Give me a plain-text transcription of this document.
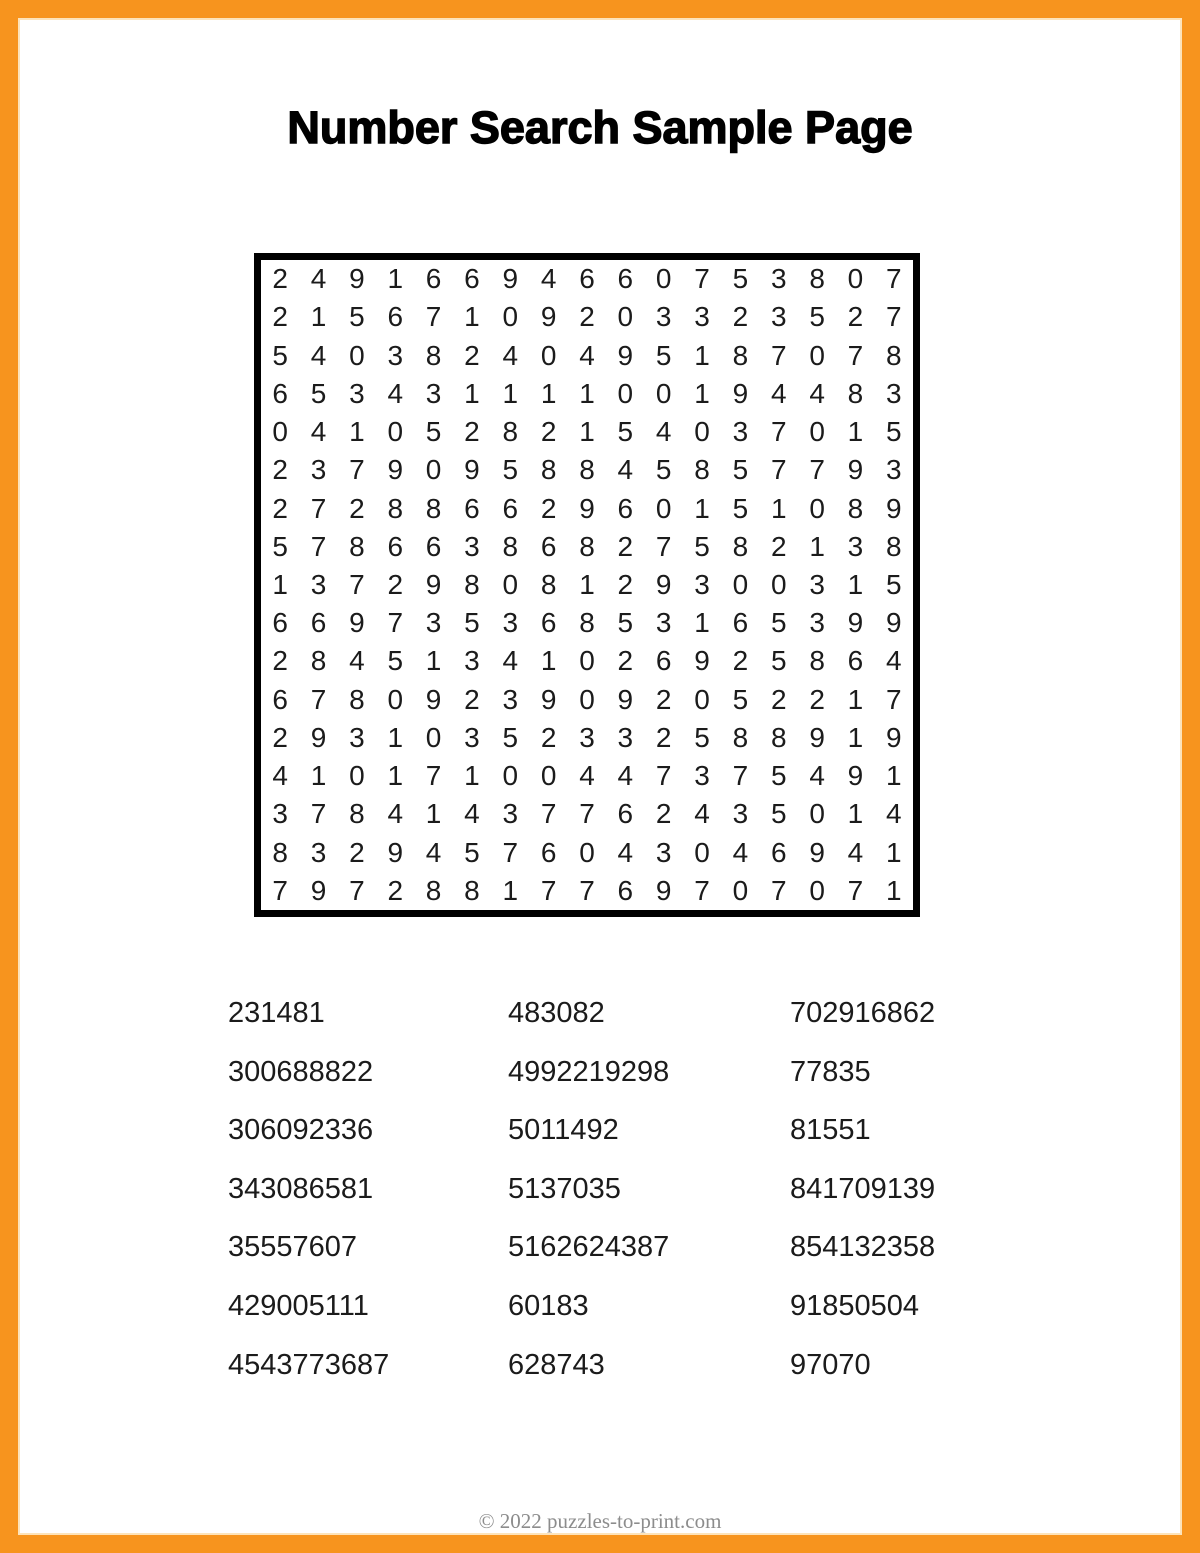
Number Search Sample Page
2 4 9 1 6 6 9 4 6 6 0 7 5 3 8 0 7
2 1 5 6 7 1 0 9 2 0 3 3 2 3 5 2 7
5 4 0 3 8 2 4 0 4 9 5 1 8 7 0 7 8
6 5 3 4 3 1 1 1 1 0 0 1 9 4 4 8 3
0 4 1 0 5 2 8 2 1 5 4 0 3 7 0 1 5
2 3 7 9 0 9 5 8 8 4 5 8 5 7 7 9 3
2 7 2 8 8 6 6 2 9 6 0 1 5 1 0 8 9
5 7 8 6 6 3 8 6 8 2 7 5 8 2 1 3 8
1 3 7 2 9 8 0 8 1 2 9 3 0 0 3 1 5
6 6 9 7 3 5 3 6 8 5 3 1 6 5 3 9 9
2 8 4 5 1 3 4 1 0 2 6 9 2 5 8 6 4
6 7 8 0 9 2 3 9 0 9 2 0 5 2 2 1 7
2 9 3 1 0 3 5 2 3 3 2 5 8 8 9 1 9
4 1 0 1 7 1 0 0 4 4 7 3 7 5 4 9 1
3 7 8 4 1 4 3 7 7 6 2 4 3 5 0 1 4
8 3 2 9 4 5 7 6 0 4 3 0 4 6 9 4 1
7 9 7 2 8 8 1 7 7 6 9 7 0 7 0 7 1
231481
300688822
306092336
343086581
35557607
429005111
4543773687
483082
4992219298
5011492
5137035
5162624387
60183
628743
702916862
77835
81551
841709139
854132358
91850504
97070
© 2022 puzzles-to-print.com
